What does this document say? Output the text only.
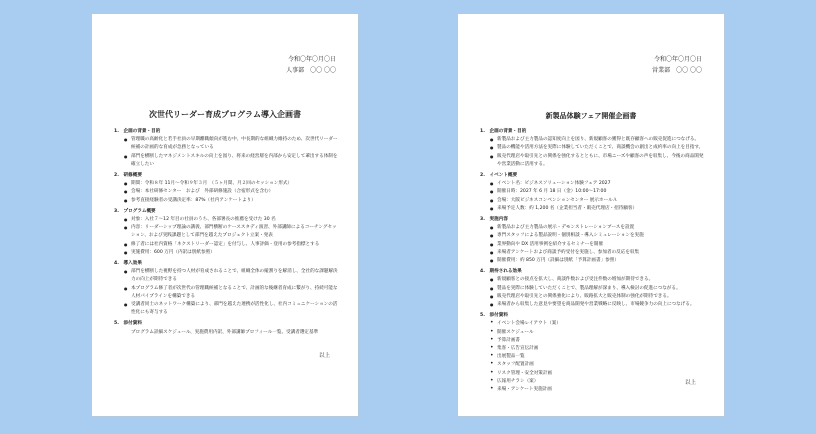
令和〇年〇月〇日
人事部　〇〇 〇〇
次世代リーダー育成プログラム導入企画書
1.　企画の背景・目的
● 管理職の高齢化と若手社員の早期離職傾向が進む中、中長期的な組織力維持のため、次世代リーダー候補の計画的な育成が急務となっている
● 部門を横断したマネジメントスキルの向上を図り、将来の経営層を内部から安定して輩出する体制を確立したい
2.　研修概要
● 期間：令和８年 11月～令和９年３月　（５ヶ月間、月２回のセッション形式）
● 会場：本社研修センター　および　外部研修施設（合宿形式を含む）
● 参考直接経験者の受講決定率：87%（社内アンケートより）
3.　プログラム概要
● 対象：入社７～12 年目の社員のうち、各部署長の推薦を受けた 30 名
● 内容：リーダーシップ理論の講義、部門横断のケーススタディ演習、外部講師によるコーチングセッション、および実践課題として部門を越えたプロジェクト立案・発表
● 修了者には社内資格「ネクストリーダー認定」を付与し、人事評価・登用の参考指標とする
● 実施費用：600 万円（内訳は別紙参照）
4.　導入効果
● 部門を横断した視野を持つ人材が育成されることで、組織全体の縦割りを解消し、全社的な課題解決力の向上が期待できる
● 本プログラム修了者が次世代の管理職候補となることで、計画的な後継者育成に繋がり、持続可能な人材パイプラインを構築できる
● 受講者同士のネットワーク構築により、部門を越えた連携が活性化し、社内コミュニケーションの活性化にも寄与する
5.　添付資料
プログラム詳細スケジュール、実施費用内訳、外部講師プロフィール一覧、受講者選定基準
以上
令和〇年〇月〇日
営業部　〇〇 〇〇
新製品体験フェア開催企画書
1.　企画の背景・目的
● 新製品および主力製品の認知度向上を図り、新規顧客の獲得と既存顧客への販売促進につなげる。
● 製品の機能や活用方法を実際に体験していただくことで、商談機会の創出と成約率の向上を目指す。
● 販売代理店や取引先との関係を強化するとともに、市場ニーズや顧客の声を収集し、今後の商品開発や営業活動に活用する。
2.　イベント概要
● イベント名：ビジネスソリューション体験フェア 2027
● 開催日時：2027 年 6 月 18 日（金）10:00～17:00
● 会場：大阪ビジネスコンベンションセンター 展示ホールＡ
● 来場予定人数：約 1,200 名（企業担当者・販売代理店・招待顧客）
3.　実施内容
● 新製品および主力製品の展示・デモンストレーションブースを設置
● 専門スタッフによる製品説明・個別相談・導入シミュレーションを実施
● 業界動向や DX 活用事例を紹介するセミナーを開催
● 来場者アンケートおよび商談予約受付を実施し、参加者の反応を収集
● 開催費用：約 850 万円（詳細は別紙「予算計画書」参照）
4.　期待される効果
● 新規顧客との接点を拡大し、商談件数および受注件数の増加が期待できる。
● 製品を実際に体験していただくことで、製品理解が深まり、導入検討の促進につながる。
● 販売代理店や取引先との関係強化により、販路拡大と販売体制の強化が期待できる。
● 来場者から収集した意見や要望を商品開発や営業戦略に反映し、市場競争力の向上につなげる。
5.　添付資料
• イベント会場レイアウト（案）
• 開催スケジュール
• 予算計画書
• 集客・広告宣伝計画
• 出展製品一覧
• スタッフ配置計画
• リスク管理・安全対策計画
• 広報用チラシ（案）
• 来場・アンケート実施計画
以上
